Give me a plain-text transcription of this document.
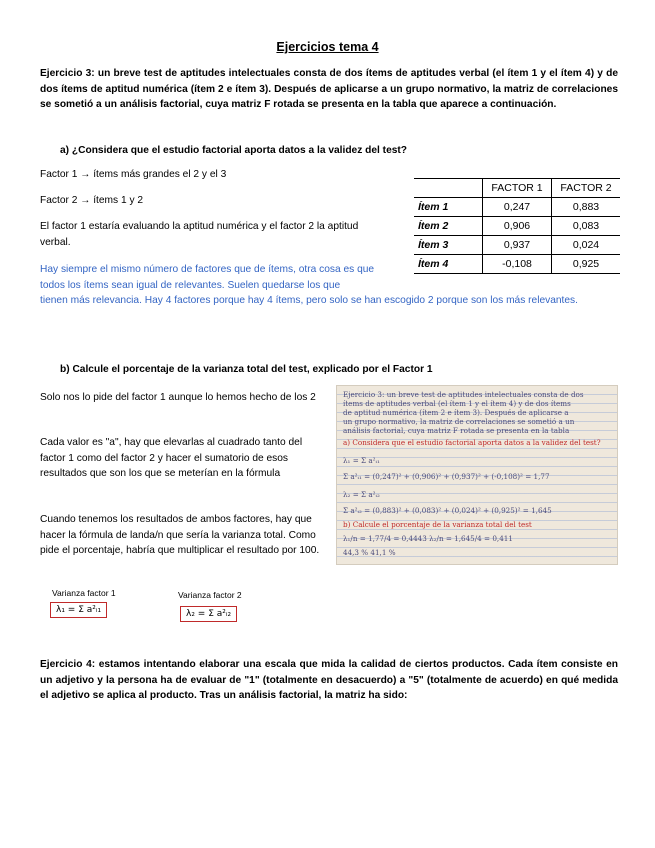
Ejercicios tema 4
Ejercicio 3: un breve test de aptitudes intelectuales consta de dos ítems de aptitudes verbal (el ítem 1 y el ítem 4) y de dos ítems de aptitud numérica (ítem 2 e ítem 3). Después de aplicarse a un grupo normativo, la matriz de correlaciones se sometió a un análisis factorial, cuya matriz F rotada se presenta en la tabla que aparece a continuación.
a) ¿Considera que el estudio factorial aporta datos a la validez del test?
Factor 1 → ítems más grandes el 2 y el 3
Factor 2 → ítems 1 y 2
El factor 1 estaría evaluando la aptitud numérica y el factor 2 la aptitud verbal.
Hay siempre el mismo número de factores que de ítems, otra cosa es que todos los ítems sean igual de relevantes. Suelen quedarse los que
tienen más relevancia. Hay 4 factores porque hay 4 ítems, pero solo se han escogido 2 porque son los más relevantes.
	FACTOR 1	FACTOR 2
Ítem 1	0,247	0,883
Ítem 2	0,906	0,083
Ítem 3	0,937	0,024
Ítem 4	-0,108	0,925
b) Calcule el porcentaje de la varianza total del test, explicado por el Factor 1
Solo nos lo pide del factor 1 aunque lo hemos hecho de los 2
Cada valor es "a", hay que elevarlas al cuadrado tanto del factor 1 como del factor 2 y hacer el sumatorio de esos resultados que son los que se meterían en la fórmula
Cuando tenemos los resultados de ambos factores, hay que hacer la fórmula de landa/n que sería la varianza total. Como pide el porcentaje, habría que multiplicar el resultado por 100.
Ejercicio 3: un breve test de aptitudes intelectuales consta de dos
ítems de aptitudes verbal (el ítem 1 y el ítem 4) y de dos ítems
de aptitud numérica (ítem 2 e ítem 3). Después de aplicarse a
un grupo normativo, la matriz de correlaciones se sometió a un
análisis factorial, cuya matriz F rotada se presenta en la tabla
a) Considera que el estudio factorial aporta datos a la validez del test?
λ₁ = Σ a²ᵢ₁
Σ a²ᵢ₁ = (0,247)² + (0,906)² + (0,937)² + (-0,108)² = 1,77
λ₂ = Σ a²ᵢ₂
Σ a²ᵢ₂ = (0,883)² + (0,083)² + (0,024)² + (0,925)² = 1,645
b) Calcule el porcentaje de la varianza total del test
λ₁/n = 1,77/4 = 0,4443 λ₂/n = 1,645/4 = 0,411
44,3 % 41,1 %
Varianza factor 1
λ₁ = Σ a²ᵢ₁
Varianza factor 2
λ₂ = Σ a²ᵢ₂
Ejercicio 4: estamos intentando elaborar una escala que mida la calidad de ciertos productos. Cada ítem consiste en un adjetivo y la persona ha de evaluar de "1" (totalmente en desacuerdo) a "5" (totalmente de acuerdo) en qué medida el adjetivo se aplica al producto. Tras un análisis factorial, la matriz ha sido:
